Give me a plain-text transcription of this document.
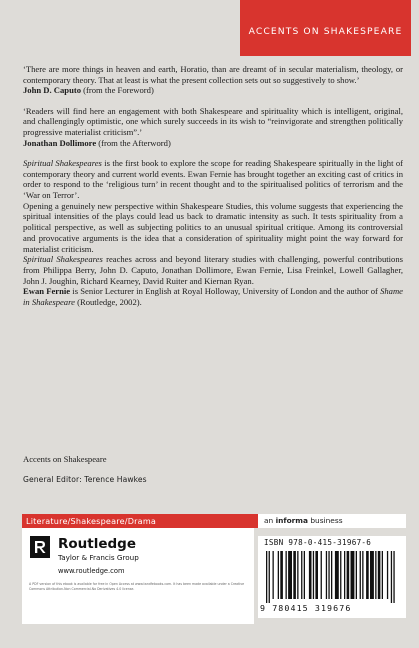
ACCENTS ON SHAKESPEARE

‘There are more things in heaven and earth, Horatio, than are dreamt of in secular materialism, theology, or contemporary theory. That at least is what the present collection sets out so suggestively to show.’

John D. Caputo (from the Foreword)

‘Readers will find here an engagement with both Shakespeare and spirituality which is intelligent, original, and challengingly optimistic, one which surely succeeds in its wish to “reinvigorate and strengthen politically progressive materialist criticism”.’

Jonathan Dollimore (from the Afterword)

Spiritual Shakespeares is the first book to explore the scope for reading Shakespeare spiritually in the light of contemporary theory and current world events. Ewan Fernie has brought together an exciting cast of critics in order to respond to the ‘religious turn’ in recent thought and to the spiritualised politics of terrorism and the ‘War on Terror’.

Opening a genuinely new perspective within Shakespeare Studies, this volume suggests that experiencing the spiritual intensities of the plays could lead us back to dramatic intensity as such. It tests spirituality from a political perspective, as well as subjecting politics to an unusual spiritual critique. Among its controversial and provocative arguments is the idea that a consideration of spirituality might point the way forward for materialist criticism.

Spiritual Shakespeares reaches across and beyond literary studies with challenging, powerful contributions from Philippa Berry, John D. Caputo, Jonathan Dollimore, Ewan Fernie, Lisa Freinkel, Lowell Gallagher, John J. Joughin, Richard Kearney, David Ruiter and Kiernan Ryan.

Ewan Fernie is Senior Lecturer in English at Royal Holloway, University of London and the author of Shame in Shakespeare (Routledge, 2002).

Accents on Shakespeare
General Editor: Terence Hawkes
Literature/Shakespeare/Drama	an informa business
Routledge
Taylor & Francis Group
www.routledge.com
A PDF version of this ebook is available for free in Open Access at www.tandfebooks.com. It has been made available under a Creative Commons Attribution-Non Commercial-No Derivatives 4.0 license.
ISBN 978-0-415-31967-6
9 780415 319676
